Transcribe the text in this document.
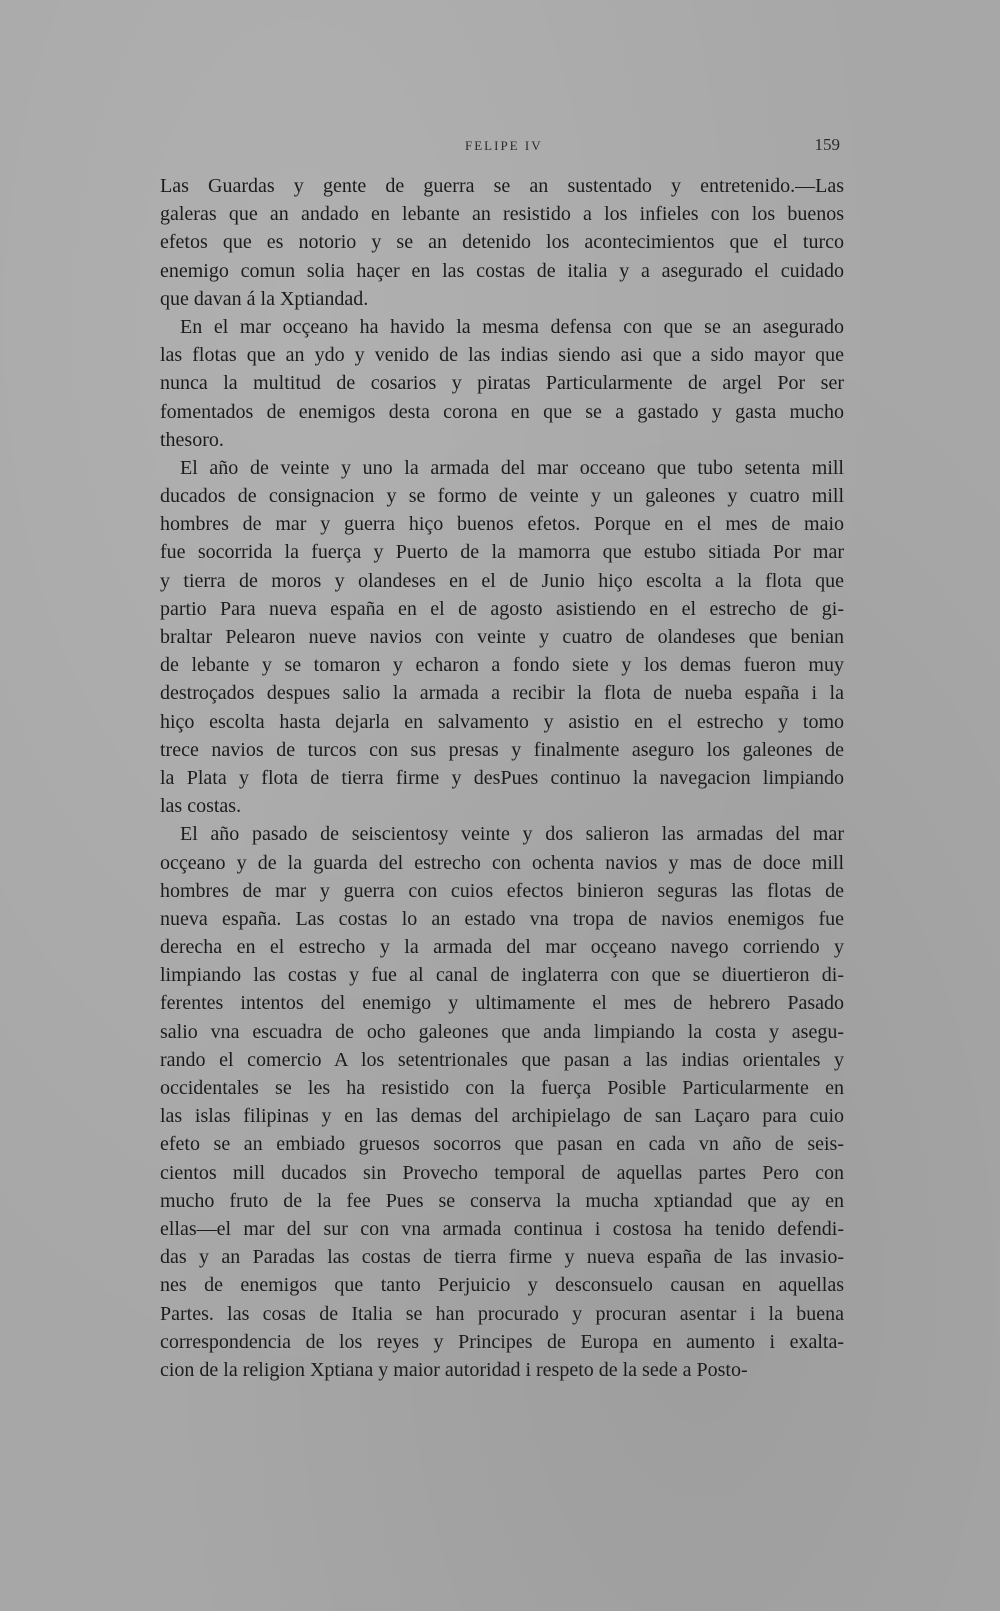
FELIPE IV	159
Las Guardas y gente de guerra se an sustentado y entretenido.—Las
galeras que an andado en lebante an resistido a los infieles con los buenos
efetos que es notorio y se an detenido los acontecimientos que el turco
enemigo comun solia haçer en las costas de italia y a asegurado el cuidado
que davan á la Xptiandad.
En el mar ocçeano ha havido la mesma defensa con que se an asegurado
las flotas que an ydo y venido de las indias siendo asi que a sido mayor que
nunca la multitud de cosarios y piratas Particularmente de argel Por ser
fomentados de enemigos desta corona en que se a gastado y gasta mucho
thesoro.
El año de veinte y uno la armada del mar occeano que tubo setenta mill
ducados de consignacion y se formo de veinte y un galeones y cuatro mill
hombres de mar y guerra hiço buenos efetos. Porque en el mes de maio
fue socorrida la fuerça y Puerto de la mamorra que estubo sitiada Por mar
y tierra de moros y olandeses en el de Junio hiço escolta a la flota que
partio Para nueva españa en el de agosto asistiendo en el estrecho de gi-
braltar Pelearon nueve navios con veinte y cuatro de olandeses que benian
de lebante y se tomaron y echaron a fondo siete y los demas fueron muy
destroçados despues salio la armada a recibir la flota de nueba españa i la
hiço escolta hasta dejarla en salvamento y asistio en el estrecho y tomo
trece navios de turcos con sus presas y finalmente aseguro los galeones de
la Plata y flota de tierra firme y desPues continuo la navegacion limpiando
las costas.
El año pasado de seiscientosy veinte y dos salieron las armadas del mar
ocçeano y de la guarda del estrecho con ochenta navios y mas de doce mill
hombres de mar y guerra con cuios efectos binieron seguras las flotas de
nueva españa. Las costas lo an estado vna tropa de navios enemigos fue
derecha en el estrecho y la armada del mar ocçeano navego corriendo y
limpiando las costas y fue al canal de inglaterra con que se diuertieron di-
ferentes intentos del enemigo y ultimamente el mes de hebrero Pasado
salio vna escuadra de ocho galeones que anda limpiando la costa y asegu-
rando el comercio A los setentrionales que pasan a las indias orientales y
occidentales se les ha resistido con la fuerça Posible Particularmente en
las islas filipinas y en las demas del archipielago de san Laçaro para cuio
efeto se an embiado gruesos socorros que pasan en cada vn año de seis-
cientos mill ducados sin Provecho temporal de aquellas partes Pero con
mucho fruto de la fee Pues se conserva la mucha xptiandad que ay en
ellas—el mar del sur con vna armada continua i costosa ha tenido defendi-
das y an Paradas las costas de tierra firme y nueva españa de las invasio-
nes de enemigos que tanto Perjuicio y desconsuelo causan en aquellas
Partes. las cosas de Italia se han procurado y procuran asentar i la buena
correspondencia de los reyes y Principes de Europa en aumento i exalta-
cion de la religion Xptiana y maior autoridad i respeto de la sede a Posto-
